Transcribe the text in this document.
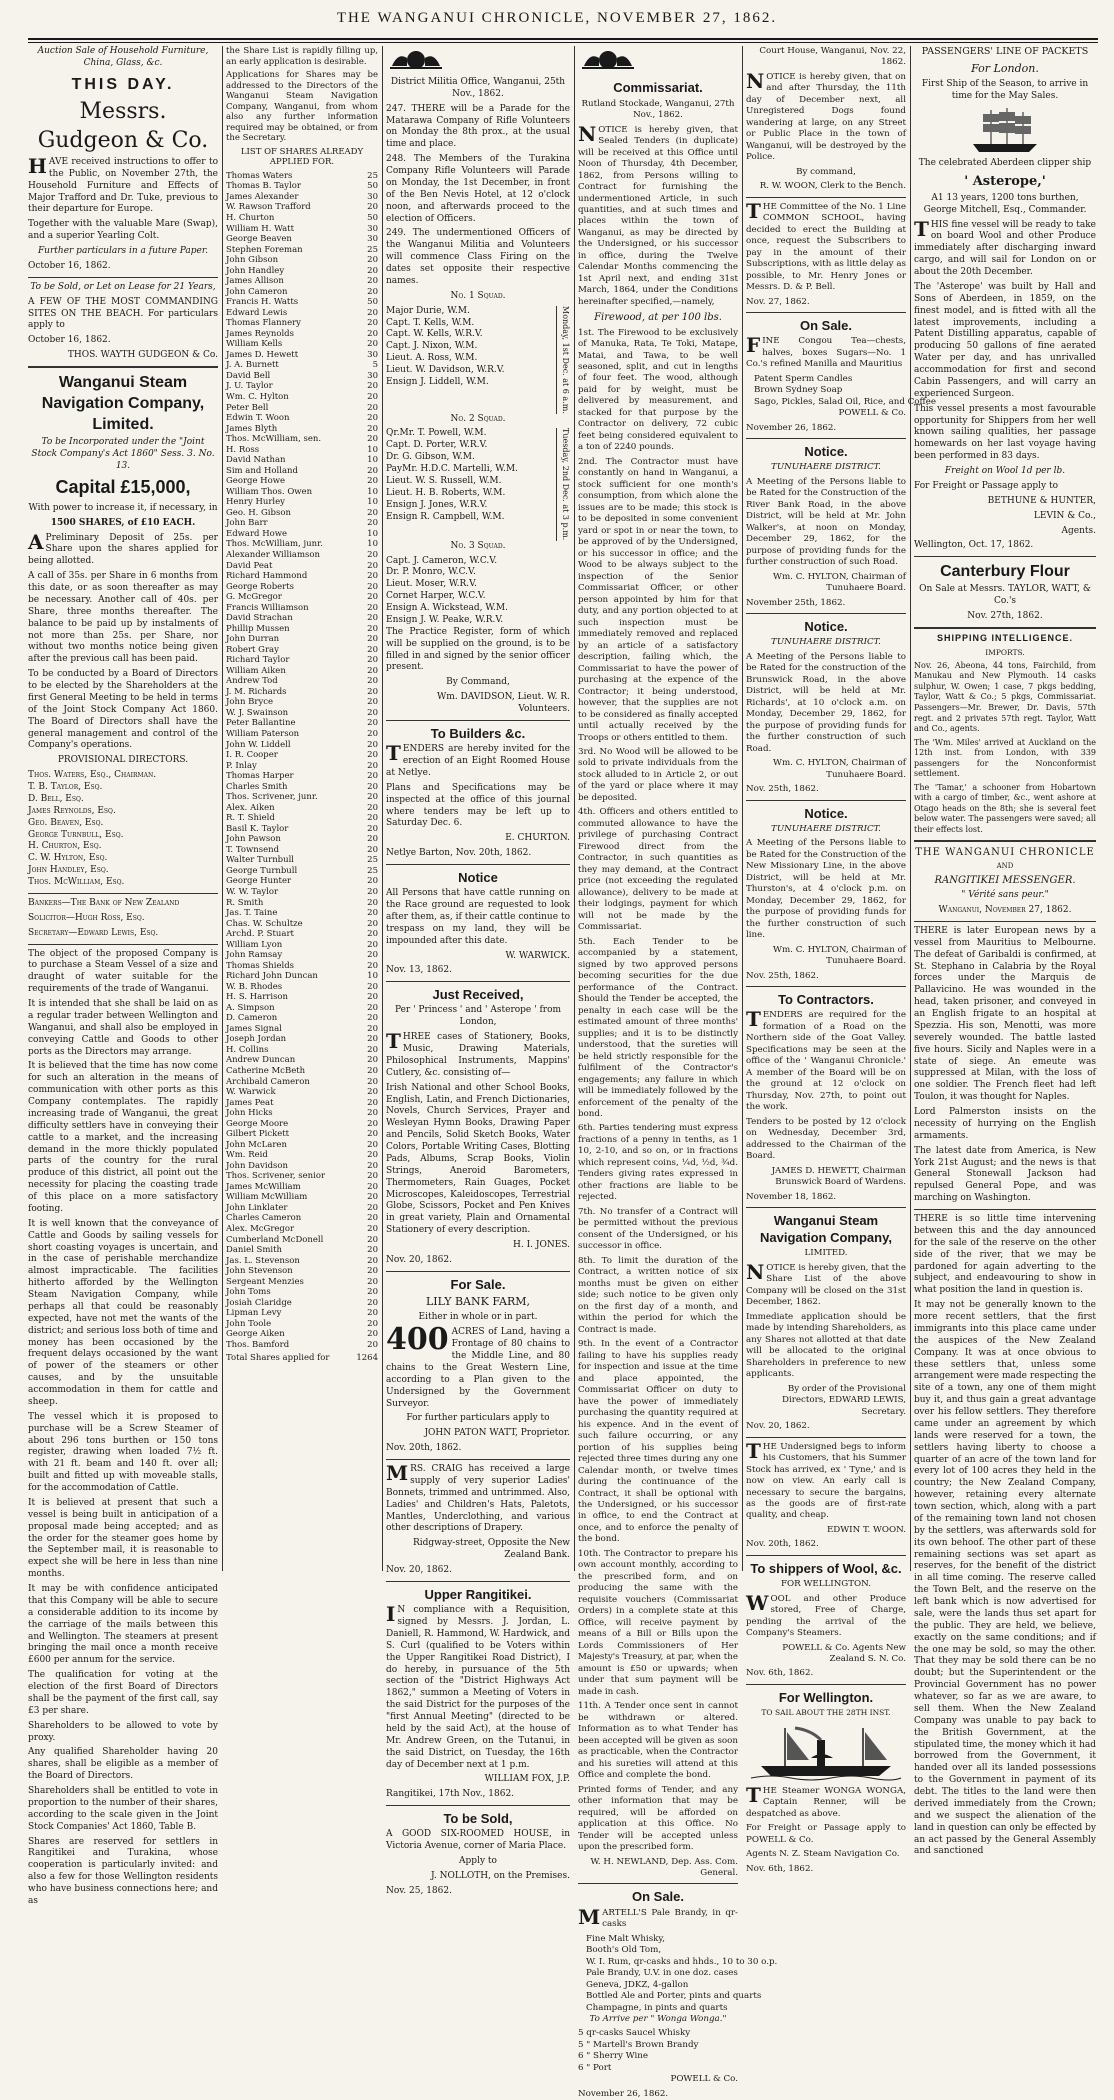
THE WANGANUI CHRONICLE, NOVEMBER 27, 1862.

Auction Sale of Household Furniture, China, Glass, &c.

THIS DAY.
Messrs. Gudgeon & Co.

HAVE received instructions to offer to the Public, on November 27th, the Household Furniture and Effects of Major Trafford and Dr. Tuke, previous to their departure for Europe.

Together with the valuable Mare (Swap), and a superior Yearling Colt.

Further particulars in a future Paper.

October 16, 1862.

To be Sold, or Let on Lease for 21 Years,

A FEW OF THE MOST COMMANDING SITES ON THE BEACH. For particulars apply to

October 16, 1862.

THOS. WAYTH GUDGEON & Co.

Wanganui Steam Navigation Company, Limited.

To be Incorporated under the "Joint Stock Company's Act 1860" Sess. 3. No. 13.

Capital £15,000,

With power to increase it, if necessary, in

1500 SHARES, of £10 EACH.

APreliminary Deposit of 25s. per Share upon the shares applied for being allotted.

A call of 35s. per Share in 6 months from this date, or as soon thereafter as may be necessary. Another call of 40s. per Share, three months thereafter. The balance to be paid up by instalments of not more than 25s. per Share, nor without two months notice being given after the previous call has been paid.

To be conducted by a Board of Directors to be elected by the Shareholders at the first General Meeting to be held in terms of the Joint Stock Company Act 1860. The Board of Directors shall have the general management and control of the Company's operations.

PROVISIONAL DIRECTORS.

Thos. Waters, Esq., Chairman.
T. B. Taylor, Esq.
D. Bell, Esq.
James Reynolds, Esq.
Geo. Beaven, Esq.
George Turnbull, Esq.
H. Churton, Esq.
C. W. Hylton, Esq.
John Handley, Esq.
Thos. McWilliam, Esq.

Bankers—The Bank of New Zealand

Solicitor—Hugh Ross, Esq.

Secretary—Edward Lewis, Esq.

The object of the proposed Company is to purchase a Steam Vessel of a size and draught of water suitable for the requirements of the trade of Wanganui.

It is intended that she shall be laid on as a regular trader between Wellington and Wanganui, and shall also be employed in conveying Cattle and Goods to other ports as the Directors may arrange.

It is believed that the time has now come for such an alteration in the means of communication with other ports as this Company contemplates. The rapidly increasing trade of Wanganui, the great difficulty settlers have in conveying their cattle to a market, and the increasing demand in the more thickly populated parts of the country for the rural produce of this district, all point out the necessity for placing the coasting trade of this place on a more satisfactory footing.

It is well known that the conveyance of Cattle and Goods by sailing vessels for short coasting voyages is uncertain, and in the case of perishable merchandize almost impracticable. The facilities hitherto afforded by the Wellington Steam Navigation Company, while perhaps all that could be reasonably expected, have not met the wants of the district; and serious loss both of time and money has been occasioned by the frequent delays occasioned by the want of power of the steamers or other causes, and by the unsuitable accommodation in them for cattle and sheep.

The vessel which it is proposed to purchase will be a Screw Steamer of about 296 tons burthen or 150 tons register, drawing when loaded 7½ ft. with 21 ft. beam and 140 ft. over all; built and fitted up with moveable stalls, for the accommodation of Cattle.

It is believed at present that such a vessel is being built in anticipation of a proposal made being accepted; and as the order for the steamer goes home by the September mail, it is reasonable to expect she will be here in less than nine months.

It may be with confidence anticipated that this Company will be able to secure a considerable addition to its income by the carriage of the mails between this and Wellington. The steamers at present bringing the mail once a month receive £600 per annum for the service.

The qualification for voting at the election of the first Board of Directors shall be the payment of the first call, say £3 per share.

Shareholders to be allowed to vote by proxy.

Any qualified Shareholder having 20 shares, shall be eligible as a member of the Board of Directors.

Shareholders shall be entitled to vote in proportion to the number of their shares, according to the scale given in the Joint Stock Companies' Act 1860, Table B.

Shares are reserved for settlers in Rangitikei and Turakina, whose cooperation is particularly invited: and also a few for those Wellington residents who have business connections here; and as

the Share List is rapidly filling up, an early application is desirable.

Applications for Shares may be addressed to the Directors of the Wanganui Steam Navigation Company, Wanganui, from whom also any further information required may be obtained, or from the Secretary.

LIST OF SHARES ALREADY APPLIED FOR.

Thomas Waters	25
Thomas B. Taylor	50
James Alexander	30
W. Rawson Trafford	20
H. Churton	50
William H. Watt	30
George Beaven	30
Stephen Foreman	25
John Gibson	20
John Handley	20
James Allison	20
John Cameron	20
Francis H. Watts	50
Edward Lewis	20
Thomas Flannery	20
James Reynolds	20
William Kells	20
James D. Hewett	30
J. A. Burnett	5
David Bell	30
J. U. Taylor	20
Wm. C. Hylton	20
Peter Bell	20
Edwin T. Woon	20
James Blyth	20
Thos. McWilliam, sen.	20
H. Ross	10
David Nathan	10
Sim and Holland	20
George Howe	20
William Thos. Owen	10
Henry Hurley	10
Geo. H. Gibson	20
John Barr	20
Edward Howe	10
Thos. McWilliam, junr.	10
Alexander Williamson	20
David Peat	20
Richard Hammond	20
George Roberts	20
G. McGregor	20
Francis Williamson	20
David Strachan	20
Phillip Mussen	20
John Durran	20
Robert Gray	20
Richard Taylor	20
William Aiken	20
Andrew Tod	20
J. M. Richards	20
John Bryce	20
W. J. Swainson	20
Peter Ballantine	20
William Paterson	20
John W. Liddell	20
I. R. Cooper	20
P. Inlay	20
Thomas Harper	20
Charles Smith	20
Thos. Scrivener, junr.	20
Alex. Aiken	20
R. T. Shield	20
Basil K. Taylor	20
John Pawson	20
T. Townsend	20
Walter Turnbull	25
George Turnbull	25
George Hunter	20
W. W. Taylor	20
R. Smith	20
Jas. T. Taine	20
Chas. W. Schultze	20
Archd. P. Stuart	20
William Lyon	20
John Ramsay	20
Thomas Shields	20
Richard John Duncan	10
W. B. Rhodes	20
H. S. Harrison	20
A. Simpson	20
D. Cameron	20
James Signal	20
Joseph Jordan	20
H. Collins	20
Andrew Duncan	20
Catherine McBeth	20
Archibald Cameron	20
W. Warwick	20
James Peat	20
John Hicks	20
George Moore	20
Gilbert Pickett	20
John McLaren	20
Wm. Reid	20
John Davidson	20
Thos. Scrivener, senior	20
James McWilliam	20
William McWilliam	20
John Linklater	20
Charles Cameron	20
Alex. McGregor	20
Cumberland McDonell	20
Daniel Smith	20
Jas. L. Stevenson	20
John Stevenson	20
Sergeant Menzies	20
John Toms	20
Josiah Claridge	20
Lipman Levy	20
John Toole	20
George Aiken	20
Thos. Bamford	20
Total Shares applied for	1264

District Militia Office, Wanganui, 25th Nov., 1862.

247. THERE will be a Parade for the Matarawa Company of Rifle Volunteers on Monday the 8th prox., at the usual time and place.

248. The Members of the Turakina Company Rifle Volunteers will Parade on Monday, the 1st December, in front of the Ben Nevis Hotel, at 12 o'clock noon, and afterwards proceed to the election of Officers.

249. The undermentioned Officers of the Wanganui Militia and Volunteers will commence Class Firing on the dates set opposite their respective names.

No. 1 Squad.

Major Durie, W.M.
Capt. T. Kells, W.M.
Capt. W. Kells, W.R.V.
Capt. J. Nixon, W.M.
Lieut. A. Ross, W.M.
Lieut. W. Davidson, W.R.V.
Ensign J. Liddell, W.M.	Monday, 1st Dec. at 6 a.m.

No. 2 Squad.

Qr.Mr. T. Powell, W.M.
Capt. D. Porter, W.R.V.
Dr. G. Gibson, W.M.
PayMr. H.D.C. Martelli, W.M.
Lieut. W. S. Russell, W.M.
Lieut. H. B. Roberts, W.M.
Ensign J. Jones, W.R.V.
Ensign R. Campbell, W.M.	Tuesday, 2nd Dec. at 3 p.m.

No. 3 Squad.

Capt. J. Cameron, W.C.V.
Dr. P. Monro, W.C.V.
Lieut. Moser, W.R.V.
Cornet Harper, W.C.V.
Ensign A. Wickstead, W.M.
Ensign J. W. Peake, W.R.V.

The Practice Register, form of which will be supplied on the ground, is to be filled in and signed by the senior officer present.

By Command,

Wm. DAVIDSON, Lieut. W. R. Volunteers.

To Builders &c.

TENDERS are hereby invited for the erection of an Eight Roomed House at Netlye.

Plans and Specifications may be inspected at the office of this journal where tenders may be left up to Saturday Dec. 6.

E. CHURTON.

Netlye Barton, Nov. 20th, 1862.

Notice

All Persons that have cattle running on the Race ground are requested to look after them, as, if their cattle continue to trespass on my land, they will be impounded after this date.

W. WARWICK.

Nov. 13, 1862.

Just Received,

Per ' Princess ' and ' Asterope ' from London,

THREE cases of Stationery, Books, Music, Drawing Materials, Philosophical Instruments, Mappins' Cutlery, &c. consisting of—

Irish National and other School Books, English, Latin, and French Dictionaries, Novels, Church Services, Prayer and Wesleyan Hymn Books, Drawing Paper and Pencils, Solid Sketch Books, Water Colors, Portable Writing Cases, Blotting Pads, Albums, Scrap Books, Violin Strings, Aneroid Barometers, Thermometers, Rain Guages, Pocket Microscopes, Kaleidoscopes, Terrestrial Globe, Scissors, Pocket and Pen Knives in great variety, Plain and Ornamental Stationery of every description.

H. I. JONES.

Nov. 20, 1862.

For Sale.

LILY BANK FARM,

Either in whole or in part.

400 ACRES of Land, having a Frontage of 80 chains to the Middle Line, and 80 chains to the Great Western Line, according to a Plan given to the Undersigned by the Government Surveyor.

For further particulars apply to

JOHN PATON WATT, Proprietor.

Nov. 20th, 1862.

MRS. CRAIG has received a large supply of very superior Ladies' Bonnets, trimmed and untrimmed. Also, Ladies' and Children's Hats, Paletots, Mantles, Underclothing, and various other descriptions of Drapery.

Ridgway-street, Opposite the New Zealand Bank.

Nov. 20, 1862.

Upper Rangitikei.

IN compliance with a Requisition, signed by Messrs. J. Jordan, L. Daniell, R. Hammond, W. Hardwick, and S. Curl (qualified to be Voters within the Upper Rangitikei Road District), I do hereby, in pursuance of the 5th section of the "District Highways Act 1862," summon a Meeting of Voters in the said District for the purposes of the "first Annual Meeting" (directed to be held by the said Act), at the house of Mr. Andrew Green, on the Tutanui, in the said District, on Tuesday, the 16th day of December next at 1 p.m.

WILLIAM FOX, J.P.

Rangitikei, 17th Nov., 1862.

To be Sold,

A GOOD SIX-ROOMED HOUSE, in Victoria Avenue, corner of Maria Place.

Apply to

J. NOLLOTH, on the Premises.

Nov. 25, 1862.

Commissariat.

Rutland Stockade, Wanganui, 27th Nov., 1862.

NOTICE is hereby given, that Sealed Tenders (in duplicate) will be received at this Office until Noon of Thursday, 4th December, 1862, from Persons willing to Contract for furnishing the undermentioned Article, in such quantities, and at such times and places within the town of Wanganui, as may be directed by the Undersigned, or his successor in office, during the Twelve Calendar Months commencing the 1st April next, and ending 31st March, 1864, under the Conditions hereinafter specified,—namely,

Firewood, at per 100 lbs.

1st. The Firewood to be exclusively of Manuka, Rata, Te Toki, Matape, Matai, and Tawa, to be well seasoned, split, and cut in lengths of four feet. The wood, although paid for by weight, must be delivered by measurement, and stacked for that purpose by the Contractor on delivery, 72 cubic feet being considered equivalent to a ton of 2240 pounds.

2nd. The Contractor must have constantly on hand in Wanganui, a stock sufficient for one month's consumption, from which alone the issues are to be made; this stock is to be deposited in some convenient yard or spot in or near the town, to be approved of by the Undersigned, or his successor in office; and the Wood to be always subject to the inspection of the Senior Commissariat Officer, or other person appointed by him for that duty, and any portion objected to at such inspection must be immediately removed and replaced by an article of a satisfactory description, failing which, the Commissariat to have the power of purchasing at the expence of the Contractor; it being understood, however, that the supplies are not to be considered as finally accepted until actually received by the Troops or others entitled to them.

3rd. No Wood will be allowed to be sold to private individuals from the stock alluded to in Article 2, or out of the yard or place where it may be deposited.

4th. Officers and others entitled to commuted allowance to have the privilege of purchasing Contract Firewood direct from the Contractor, in such quantities as they may demand, at the Contract price (not exceeding the regulated allowance), delivery to be made at their lodgings, payment for which will not be made by the Commissariat.

5th. Each Tender to be accompanied by a statement, signed by two approved persons becoming securities for the due performance of the Contract. Should the Tender be accepted, the penalty in each case will be the estimated amount of three months' supplies; and it is to be distinctly understood, that the sureties will be held strictly responsible for the fulfilment of the Contractor's engagements; any failure in which will be immediately followed by the enforcement of the penalty of the bond.

6th. Parties tendering must express fractions of a penny in tenths, as 1 10, 2-10, and so on, or in fractions which represent coins, ¼d, ½d, ¾d. Tenders giving rates expressed in other fractions are liable to be rejected.

7th. No transfer of a Contract will be permitted without the previous consent of the Undersigned, or his successor in office.

8th. To limit the duration of the Contract, a written notice of six months must be given on either side; such notice to be given only on the first day of a month, and within the period for which the Contract is made.

9th. In the event of a Contractor failing to have his supplies ready for inspection and issue at the time and place appointed, the Commissariat Officer on duty to have the power of immediately purchasing the quantity required at his expence. And in the event of such failure occurring, or any portion of his supplies being rejected three times during any one Calendar month, or twelve times during the continuance of the Contract, it shall be optional with the Undersigned, or his successor in office, to end the Contract at once, and to enforce the penalty of the bond.

10th. The Contractor to prepare his own account monthly, according to the prescribed form, and on producing the same with the requisite vouchers (Commissariat Orders) in a complete state at this Office, will receive payment by means of a Bill or Bills upon the Lords Commissioners of Her Majesty's Treasury, at par, when the amount is £50 or upwards; when under that sum payment will be made in cash.

11th. A Tender once sent in cannot be withdrawn or altered. Information as to what Tender has been accepted will be given as soon as practicable, when the Contractor and his sureties will attend at this Office and complete the bond.

Printed forms of Tender, and any other information that may be required, will be afforded on application at this Office. No Tender will be accepted unless upon the prescribed form.

W. H. NEWLAND, Dep. Ass. Com. General.

On Sale.

MARTELL'S Pale Brandy, in qr-casks

Fine Malt Whisky,
Booth's Old Tom,
W. I. Rum, qr-casks and hhds., 10 to 30 o.p.
Pale Brandy, U.V. in one doz. cases
Geneva, JDKZ, 4-gallon
Bottled Ale and Porter, pints and quarts
Champagne, in pints and quarts

To Arrive per " Wonga Wonga."

5 qr-casks Saucel Whisky
5 " Martell's Brown Brandy
6 " Sherry Wine
6 " Port

POWELL & Co.

November 26, 1862.

Court House, Wanganui, Nov. 22, 1862.

NOTICE is hereby given, that on and after Thursday, the 11th day of December next, all Unregistered Dogs found wandering at large, on any Street or Public Place in the town of Wanganui, will be destroyed by the Police.

By command,

R. W. WOON, Clerk to the Bench.

THE Committee of the No. 1 Line COMMON SCHOOL, having decided to erect the Building at once, request the Subscribers to pay in the amount of their Subscriptions, with as little delay as possible, to Mr. Henry Jones or Messrs. D. & P. Bell.

Nov. 27, 1862.

On Sale.

FINE Congou Tea—chests, halves, boxes Sugars—No. 1 Co.'s refined Manilla and Mauritius

Patent Sperm Candles
Brown Sydney Soap
Sago, Pickles, Salad Oil, Rice, and Coffee

POWELL & Co.

November 26, 1862.

Notice.

TUNUHAERE DISTRICT.

A Meeting of the Persons liable to be Rated for the Construction of the River Bank Road, in the above District, will be held at Mr. John Walker's, at noon on Monday, December 29, 1862, for the purpose of providing funds for the further construction of such Road.

Wm. C. HYLTON, Chairman of Tunuhaere Board.

November 25th, 1862.

Notice.

TUNUHAERE DISTRICT.

A Meeting of the Persons liable to be Rated for the construction of the Brunswick Road, in the above District, will be held at Mr. Richards', at 10 o'clock a.m. on Monday, December 29, 1862, for the purpose of providing funds for the further construction of such Road.

Wm. C. HYLTON, Chairman of Tunuhaere Board.

Nov. 25th, 1862.

Notice.

TUNUHAERE DISTRICT.

A Meeting of the Persons liable to be Rated for the Construction of the New Missionary Line, in the above District, will be held at Mr. Thurston's, at 4 o'clock p.m. on Monday, December 29, 1862, for the purpose of providing funds for the further construction of such line.

Wm. C. HYLTON, Chairman of Tunuhaere Board.

Nov. 25th, 1862.

To Contractors.

TENDERS are required for the formation of a Road on the Northern side of the Goat Valley. Specifications may be seen at the office of the ' Wanganui Chronicle.' A member of the Board will be on the ground at 12 o'clock on Thursday, Nov. 27th, to point out the work.

Tenders to be posted by 12 o'clock on Wednesday, December 3rd, addressed to the Chairman of the Board.

JAMES D. HEWETT, Chairman Brunswick Board of Wardens.

November 18, 1862.

Wanganui Steam Navigation Company,

LIMITED.

NOTICE is hereby given, that the Share List of the above Company will be closed on the 31st December, 1862.

Immediate application should be made by intending Shareholders, as any Shares not allotted at that date will be allocated to the original Shareholders in preference to new applicants.

By order of the Provisional Directors, EDWARD LEWIS, Secretary.

Nov. 20, 1862.

THE Undersigned begs to inform his Customers, that his Summer Stock has arrived, ex ' Tyne,' and is now on view. An early call is necessary to secure the bargains, as the goods are of first-rate quality, and cheap.

EDWIN T. WOON.

Nov. 20th, 1862.

To shippers of Wool, &c.

FOR WELLINGTON.

WOOL and other Produce stored, Free of Charge, pending the arrival of the Company's Steamers.

POWELL & Co. Agents New Zealand S. N. Co.

Nov. 6th, 1862.

For Wellington.

TO SAIL ABOUT THE 28TH INST.

THE Steamer WONGA WONGA, Captain Renner, will be despatched as above.

For Freight or Passage apply to POWELL & Co.

Agents N. Z. Steam Navigation Co.

Nov. 6th, 1862.

PASSENGERS' LINE OF PACKETS

For London.

First Ship of the Season, to arrive in time for the May Sales.

The celebrated Aberdeen clipper ship

' Asterope,'

A1 13 years, 1200 tons burthen, George Mitchell, Esq., Commander.

THIS fine vessel will be ready to take on board Wool and other Produce immediately after discharging inward cargo, and will sail for London on or about the 20th December.

The 'Asterope' was built by Hall and Sons of Aberdeen, in 1859, on the finest model, and is fitted with all the latest improvements, including a Patent Distilling apparatus, capable of producing 50 gallons of fine aerated Water per day, and has unrivalled accommodation for first and second Cabin Passengers, and will carry an experienced Surgeon.

This vessel presents a most favourable opportunity for Shippers from her well known sailing qualities, her passage homewards on her last voyage having been performed in 83 days.

Freight on Wool 1d per lb.

For Freight or Passage apply to

BETHUNE & HUNTER,

LEVIN & Co.,

Agents.

Wellington, Oct. 17, 1862.

Canterbury Flour

On Sale at Messrs. TAYLOR, WATT, & Co.'s

Nov. 27th, 1862.

SHIPPING INTELLIGENCE.

IMPORTS.

Nov. 26, Abeona, 44 tons, Fairchild, from Manukau and New Plymouth. 14 casks sulphur, W. Owen; 1 case, 7 pkgs bedding, Taylor, Watt & Co.; 5 pkgs, Commissariat. Passengers—Mr. Brewer, Dr. Davis, 57th regt. and 2 privates 57th regt. Taylor, Watt and Co., agents.

The 'Wm. Miles' arrived at Auckland on the 12th inst. from London, with 339 passengers for the Nonconformist settlement.

The 'Tamar,' a schooner from Hobartown with a cargo of timber, &c., went ashore at Otago heads on the 8th; she is several feet below water. The passengers were saved; all their effects lost.

THE WANGANUI CHRONICLE

AND

RANGITIKEI MESSENGER.

" Vérité sans peur."

Wanganui, November 27, 1862.

THERE is later European news by a vessel from Mauritius to Melbourne. The defeat of Garibaldi is confirmed, at St. Stephano in Calabria by the Royal forces under the Marquis de Pallavicino. He was wounded in the head, taken prisoner, and conveyed in an English frigate to an hospital at Spezzia. His son, Menotti, was more severely wounded. The battle lasted five hours. Sicily and Naples were in a state of siege. An emeute was suppressed at Milan, with the loss of one soldier. The French fleet had left Toulon, it was thought for Naples.

Lord Palmerston insists on the necessity of hurrying on the English armaments.

The latest date from America, is New York 21st August; and the news is that General Stonewall Jackson had repulsed General Pope, and was marching on Washington.

THERE is so little time intervening between this and the day announced for the sale of the reserve on the other side of the river, that we may be pardoned for again adverting to the subject, and endeavouring to show in what position the land in question is.

It may not be generally known to the more recent settlers, that the first immigrants into this place came under the auspices of the New Zealand Company. It was at once obvious to these settlers that, unless some arrangement were made respecting the site of a town, any one of them might buy it, and thus gain a great advantage over his fellow settlers. They therefore came under an agreement by which lands were reserved for a town, the settlers having liberty to choose a quarter of an acre of the town land for every lot of 100 acres they held in the country; the New Zealand Company, however, retaining every alternate town section, which, along with a part of the remaining town land not chosen by the settlers, was afterwards sold for its own behoof. The other part of these remaining sections was set apart as reserves, for the benefit of the district in all time coming. The reserve called the Town Belt, and the reserve on the left bank which is now advertised for sale, were the lands thus set apart for the public. They are held, we believe, exactly on the same conditions; and if the one may be sold, so may the other. That they may be sold there can be no doubt; but the Superintendent or the Provincial Government has no power whatever, so far as we are aware, to sell them. When the New Zealand Company was unable to pay back to the British Government, at the stipulated time, the money which it had borrowed from the Government, it handed over all its landed possessions to the Government in payment of its debt. The titles to the land were then derived immediately from the Crown; and we suspect the alienation of the land in question can only be effected by an act passed by the General Assembly and sanctioned
